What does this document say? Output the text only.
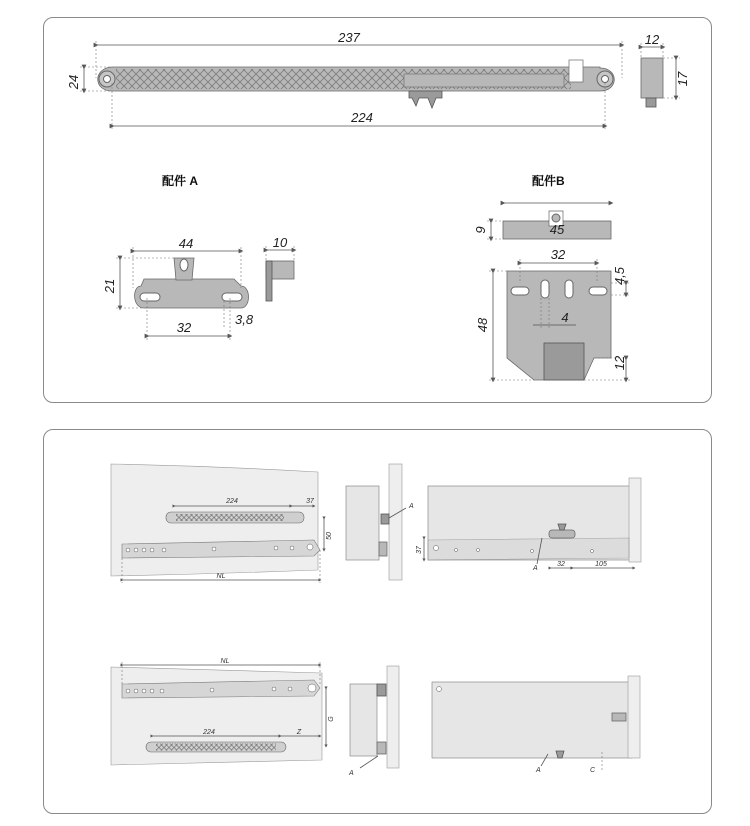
237
224
24
12
17
配件 A
44
21
32
3,8
10
配件B
45
9
32
48
4,5
4
12
224	37
NL
50
A
37
A
32	105
NL
224	Z
G
A	A	C
